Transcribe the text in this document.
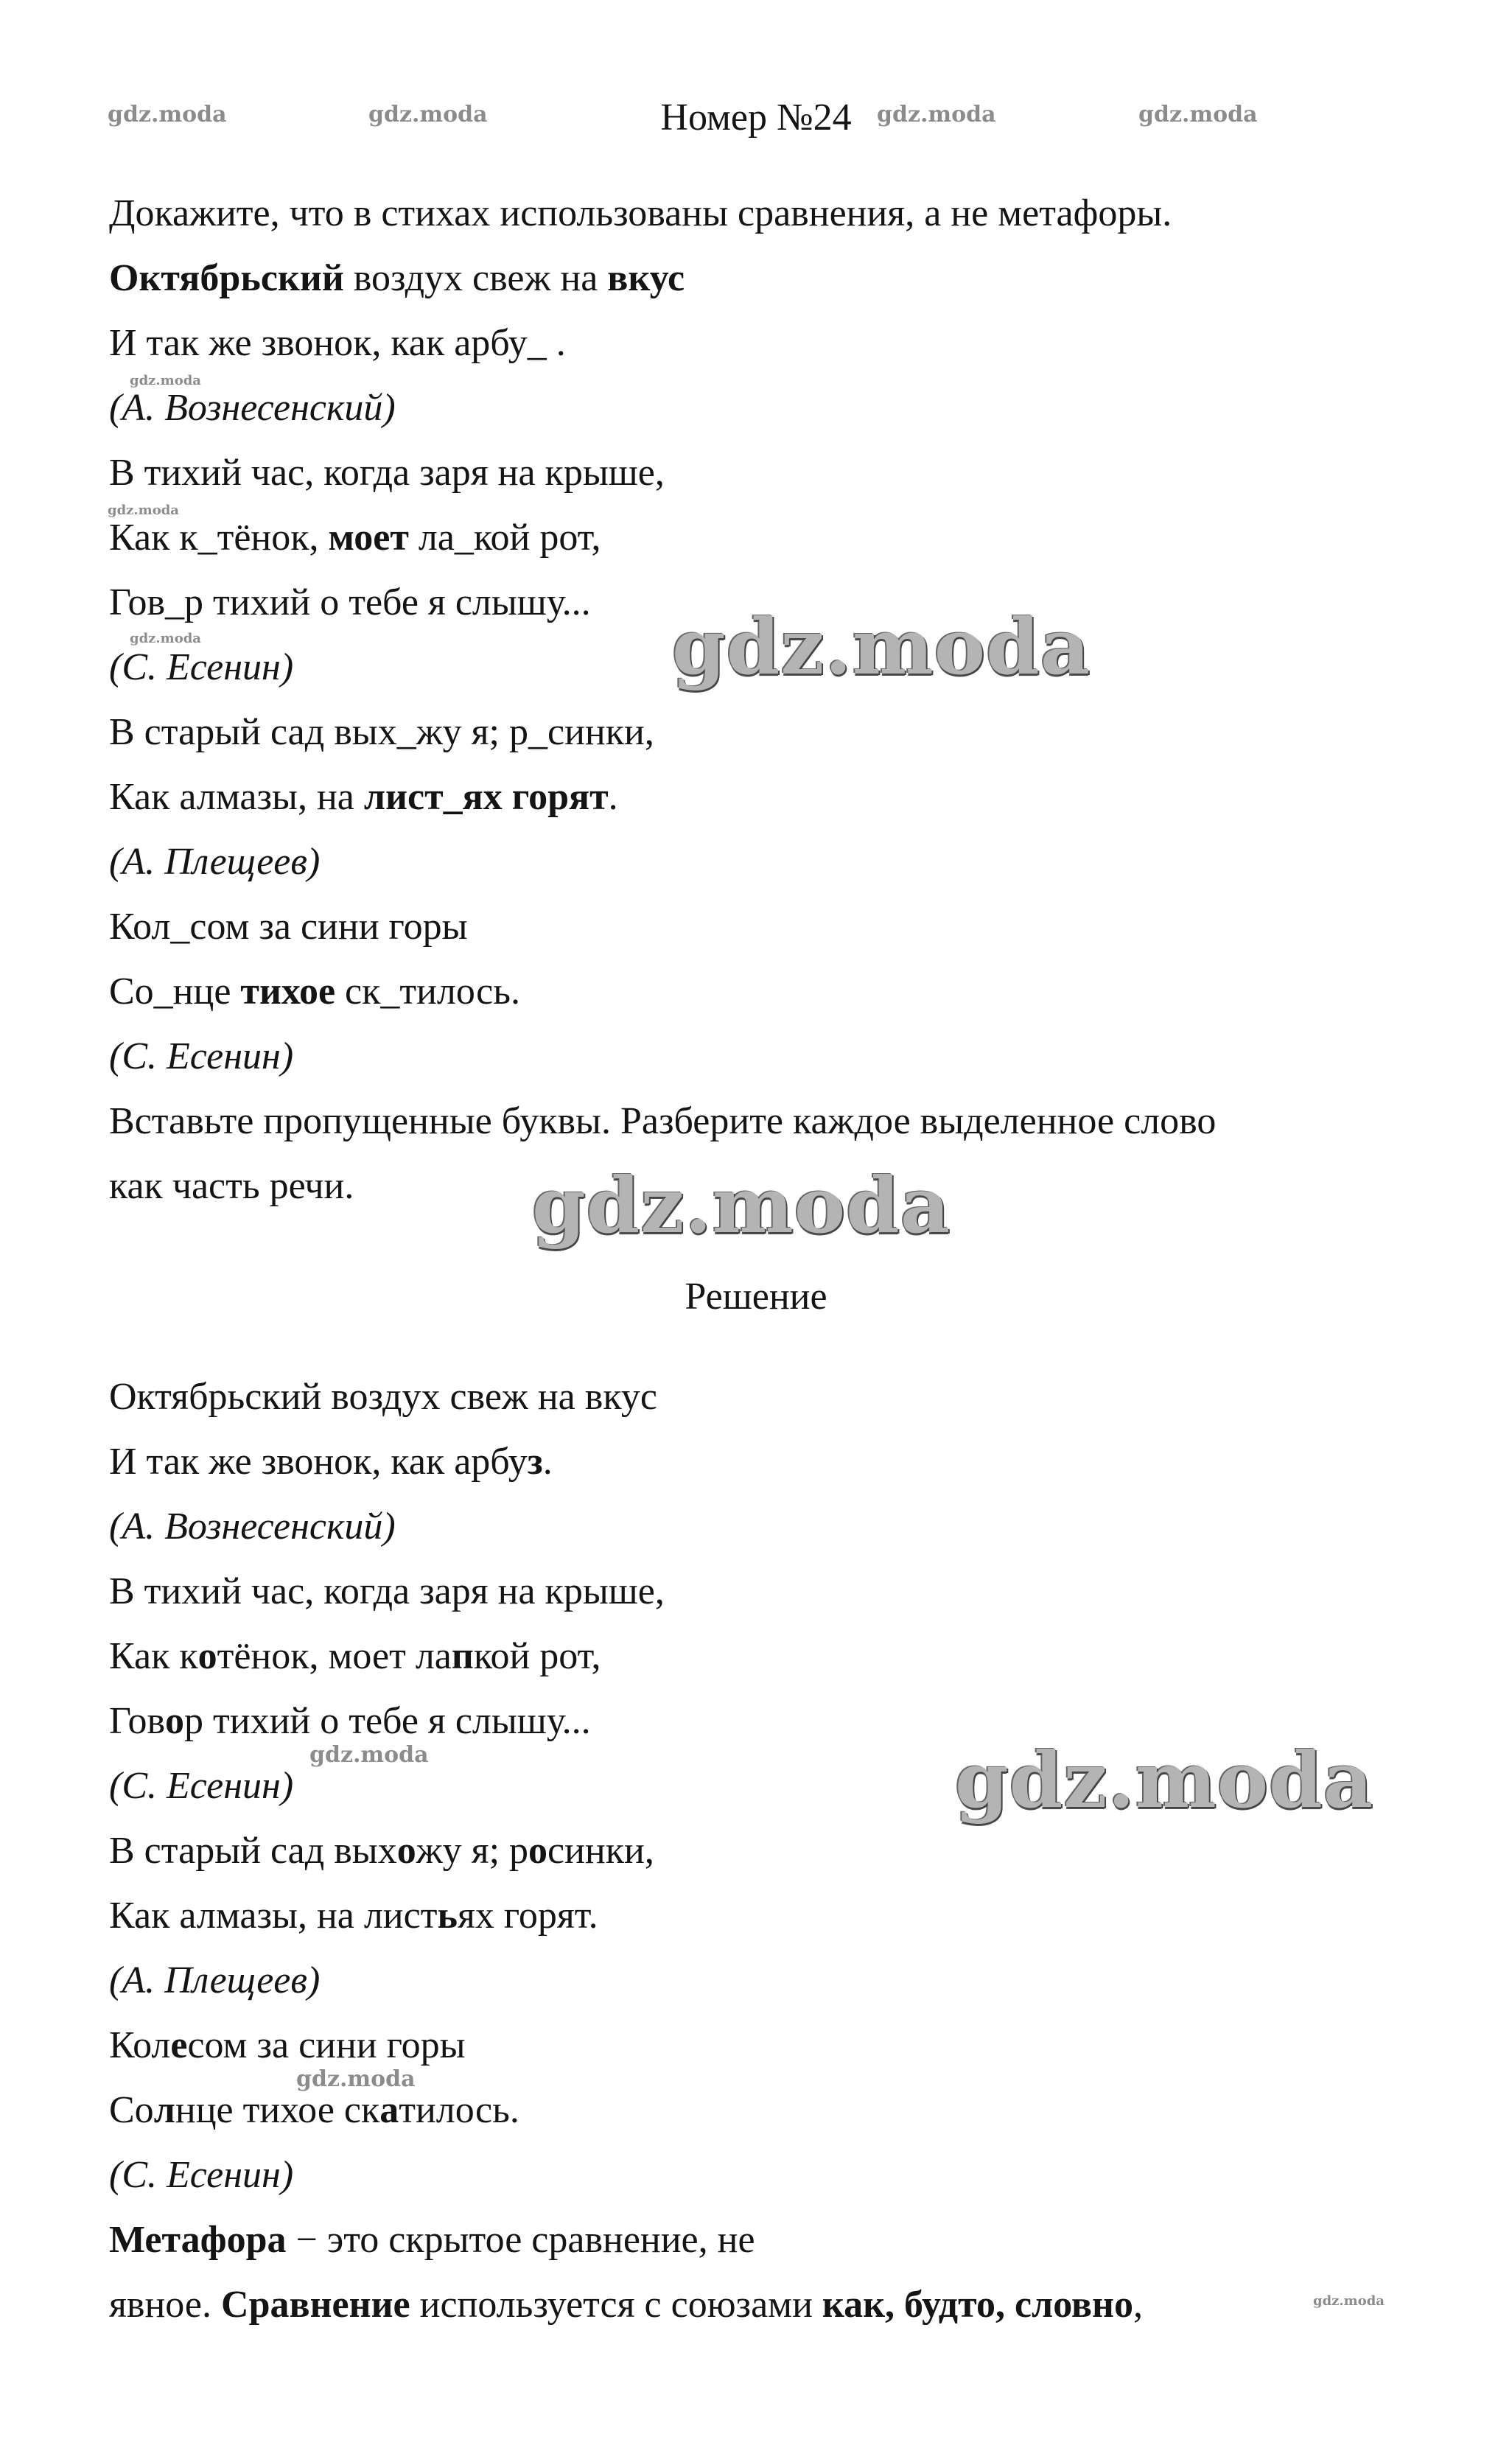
gdz.moda	gdz.moda	gdz.moda	gdz.moda
gdz.moda
gdz.moda
gdz.moda	gdz.moda
gdz.moda
gdz.moda
gdz.moda
gdz.moda
gdz.moda
Номер №24
Докажите, что в стихах использованы сравнения, а не метафоры.
Октябрьский воздух свеж на вкус
И так же звонок, как арбу_ .
(А. Вознесенский)
В тихий час, когда заря на крыше,
Как к_тёнок, моет ла_кой рот,
Гов_р тихий о тебе я слышу...
(С. Есенин)
В старый сад вых_жу я; р_синки,
Как алмазы, на лист_ях горят.
(А. Плещеев)
Кол_сом за сини горы
Со_нце тихое ск_тилось.
(С. Есенин)
Вставьте пропущенные буквы. Разберите каждое выделенное слово
как часть речи.
Решение
Октябрьский воздух свеж на вкус
И так же звонок, как арбуз.
(А. Вознесенский)
В тихий час, когда заря на крыше,
Как котёнок, моет лапкой рот,
Говор тихий о тебе я слышу...
(С. Есенин)
В старый сад выхожу я; росинки,
Как алмазы, на листьях горят.
(А. Плещеев)
Колесом за сини горы
Солнце тихое скатилось.
(С. Есенин)
Метафора − это скрытое сравнение, не
явное. Сравнение используется с союзами как, будто, словно,
